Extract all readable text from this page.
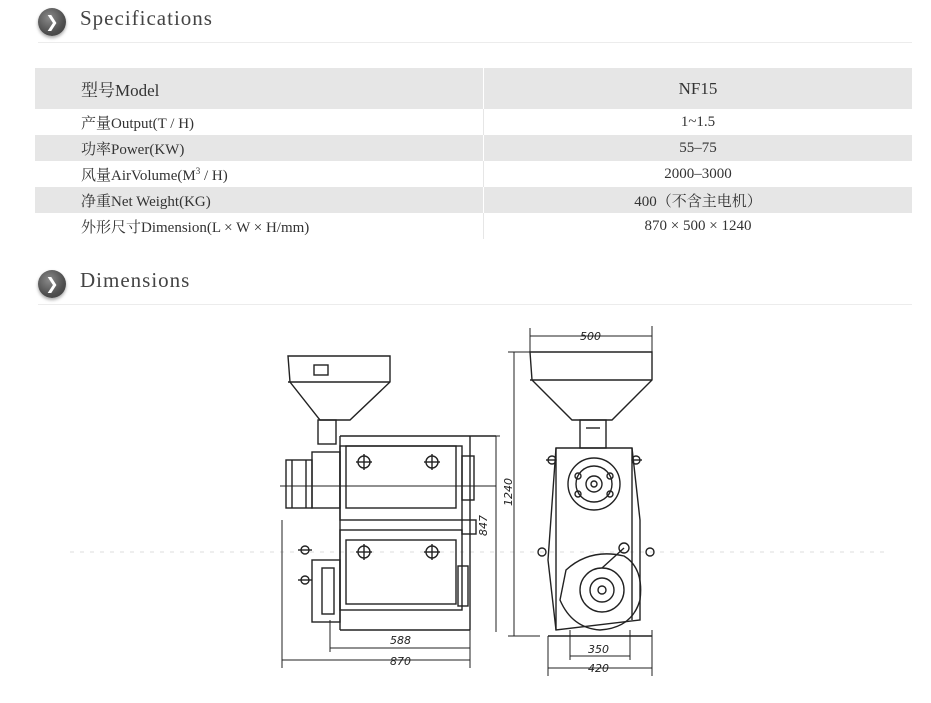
❯	Specifications
型号Model	NF15
产量Output(T / H)	1~1.5
功率Power(KW)	55–75
风量$AirVolume(M^3 / H)$	2000–3000
净重Net Weight(KG)	400（不含主电机）
外形尺寸Dimension(L × W × H/mm)	870 × 500 × 1240
❯	Dimensions
588
870
847
500
1240
350
420
